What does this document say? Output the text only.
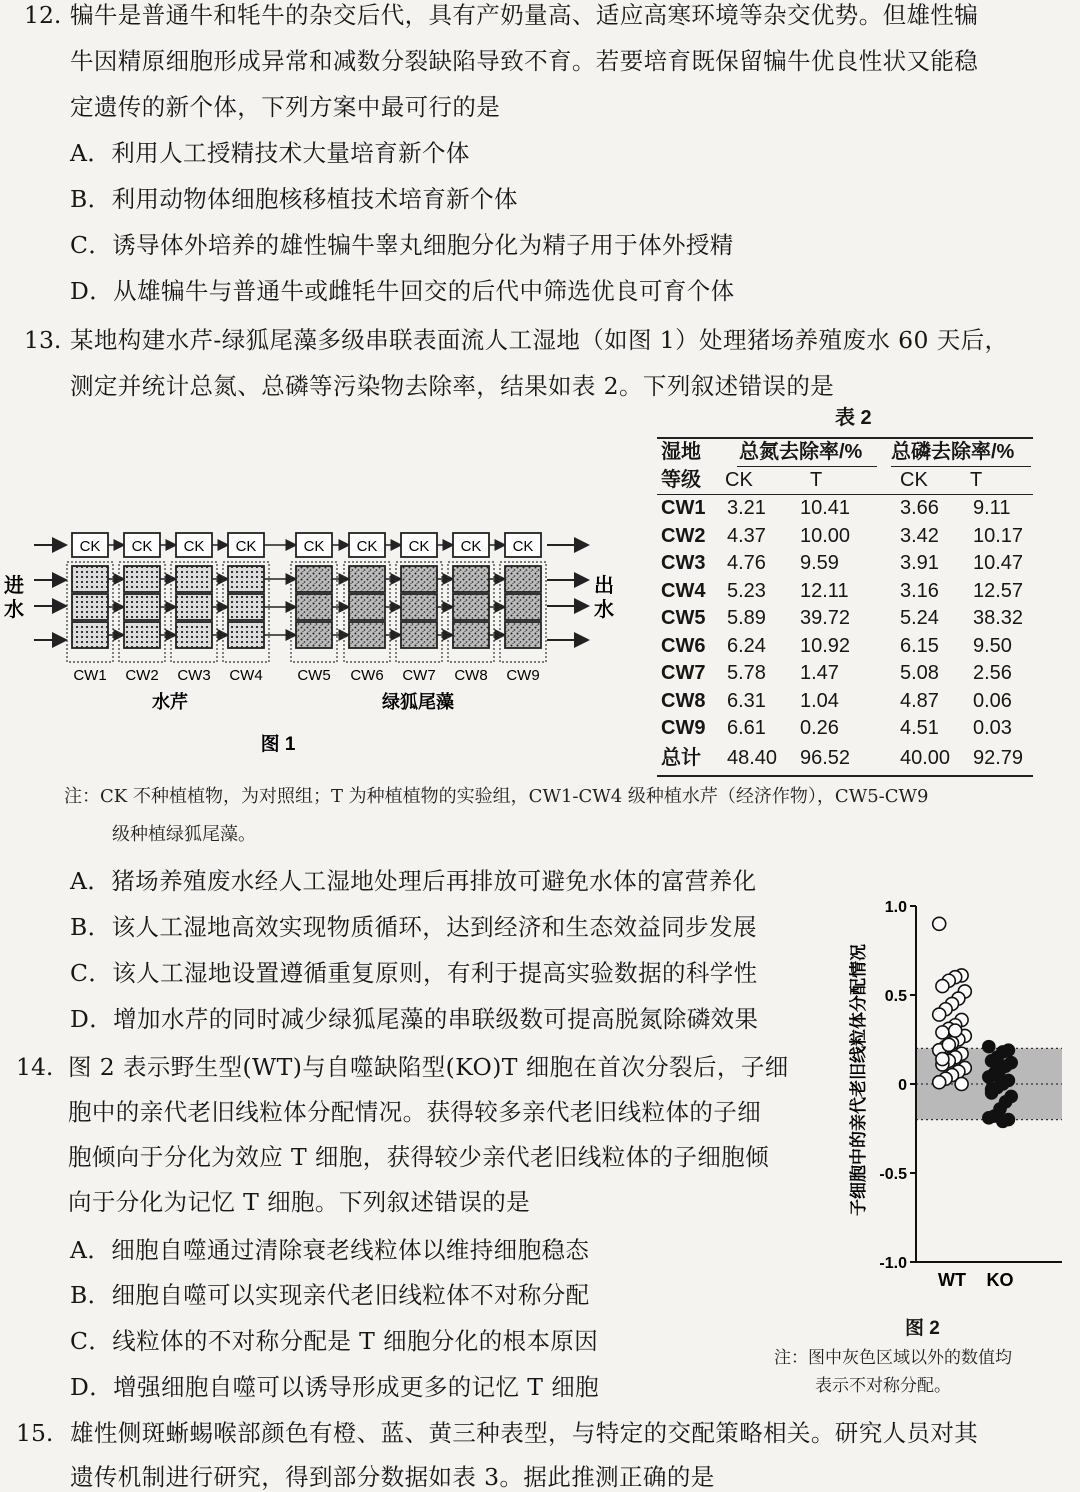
12. 犏牛是普通牛和牦牛的杂交后代，具有产奶量高、适应高寒环境等杂交优势。但雄性犏
牛因精原细胞形成异常和减数分裂缺陷导致不育。若要培育既保留犏牛优良性状又能稳
定遗传的新个体，下列方案中最可行的是
A．利用人工授精技术大量培育新个体
B．利用动物体细胞核移植技术培育新个体
C．诱导体外培养的雄性犏牛睾丸细胞分化为精子用于体外授精
D．从雄犏牛与普通牛或雌牦牛回交的后代中筛选优良可育个体
13. 某地构建水芹-绿狐尾藻多级串联表面流人工湿地（如图 1）处理猪场养殖废水 60 天后，
测定并统计总氮、总磷等污染物去除率，结果如表 2。下列叙述错误的是
CK
CW1
CK
CW2
CK
CW3
CK
CW4
CK
CW5
CK
CW6
CK
CW7
CK
CW8
CK
CW9
进
水
出
水
水芹	绿狐尾藻
图 1
表 2
湿地 总氮去除率/% 总磷去除率/%
等级 CK	T	CK T
CW1 3.21 10.41 3.66 9.11
CW2 4.37 10.00 3.42 10.17
CW3 4.76 9.59	3.91 10.47
CW4 5.23 12.11	3.16 12.57
CW5 5.89 39.72 5.24 38.32
CW6 6.24 10.92 6.15 9.50
CW7 5.78 1.47	5.08 2.56
CW8 6.31 1.04	4.87 0.06
CW9 6.61 0.26	4.51 0.03
总计 48.40 96.52 40.00 92.79
注：CK 不种植植物，为对照组；T 为种植植物的实验组，CW1-CW4 级种植水芹（经济作物），CW5-CW9
级种植绿狐尾藻。
A．猪场养殖废水经人工湿地处理后再排放可避免水体的富营养化
B．该人工湿地高效实现物质循环，达到经济和生态效益同步发展
C．该人工湿地设置遵循重复原则，有利于提高实验数据的科学性
D．增加水芹的同时减少绿狐尾藻的串联级数可提高脱氮除磷效果
14. 图 2 表示野生型(WT)与自噬缺陷型(KO)T 细胞在首次分裂后，子细
胞中的亲代老旧线粒体分配情况。获得较多亲代老旧线粒体的子细
胞倾向于分化为效应 T 细胞，获得较少亲代老旧线粒体的子细胞倾
向于分化为记忆 T 细胞。下列叙述错误的是
A．细胞自噬通过清除衰老线粒体以维持细胞稳态
B．细胞自噬可以实现亲代老旧线粒体不对称分配
C．线粒体的不对称分配是 T 细胞分化的根本原因
D．增强细胞自噬可以诱导形成更多的记忆 T 细胞
子细胞中的亲代老旧线粒体分配情况
1.0
0.5
0
-0.5
-1.0
WT KO
图 2
注：图中灰色区域以外的数值均
表示不对称分配。
15. 雄性侧斑蜥蜴喉部颜色有橙、蓝、黄三种表型，与特定的交配策略相关。研究人员对其
遗传机制进行研究，得到部分数据如表 3。据此推测正确的是
